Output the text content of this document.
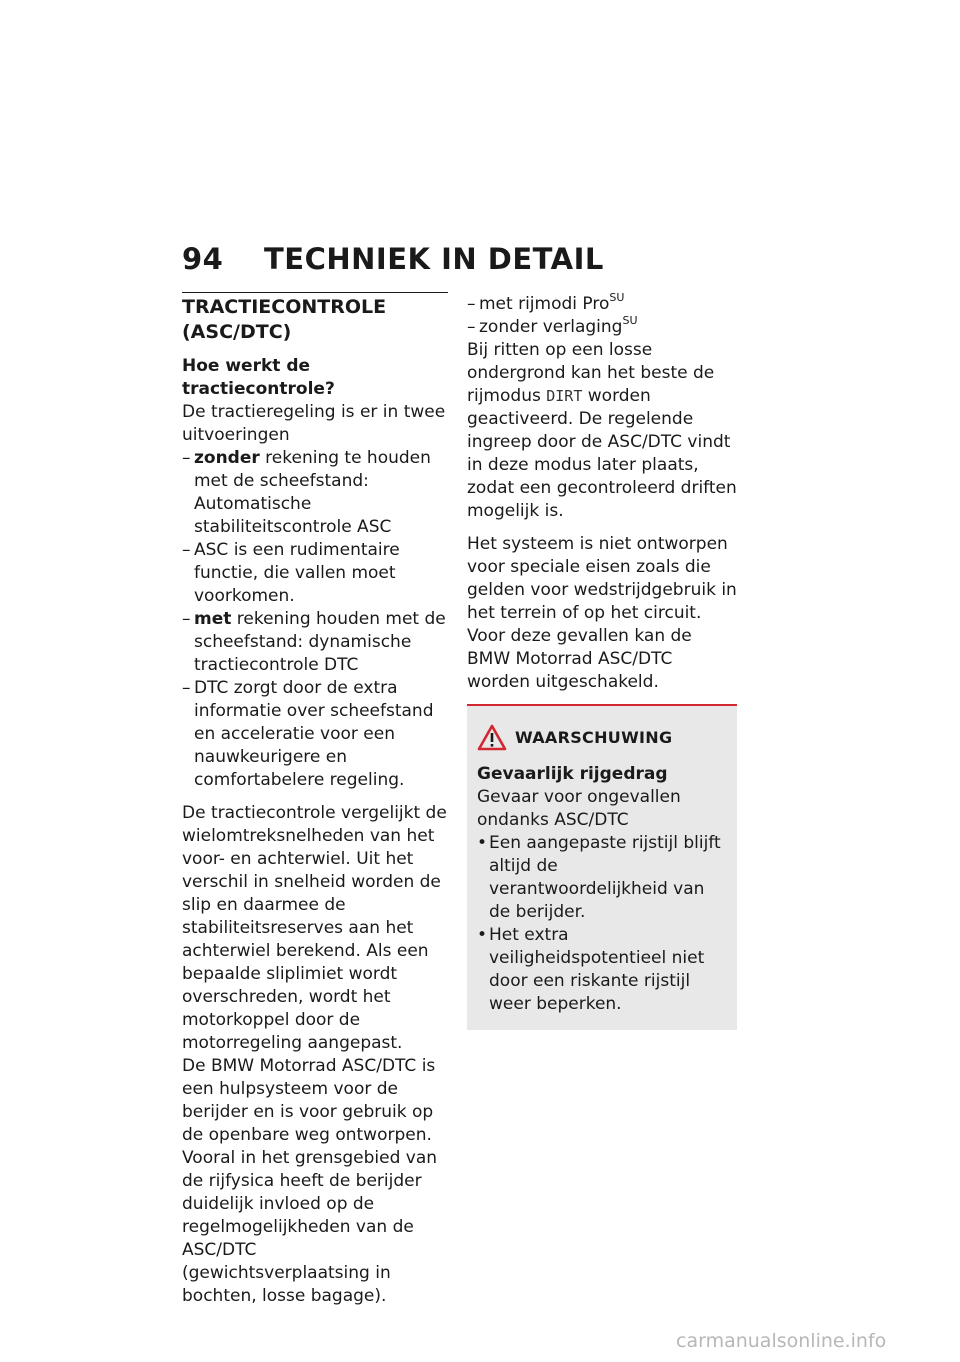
94 TECHNIEK IN DETAIL
TRACTIECONTROLE (ASC/DTC)

Hoe werkt de tractiecontrole?

De tractieregeling is er in twee uitvoeringen

– zonder rekening te houden met de scheefstand: Automatische stabiliteitscontrole ASC
– ASC is een rudimentaire functie, die vallen moet voorkomen.
– met rekening houden met de scheefstand: dynamische tractiecontrole DTC
– DTC zorgt door de extra informatie over scheefstand en acceleratie voor een nauwkeurigere en comfortabelere regeling.

De tractiecontrole vergelijkt de wielomtreksnelheden van het voor- en achterwiel. Uit het verschil in snelheid worden de slip en daarmee de stabiliteitsreserves aan het achterwiel berekend. Als een bepaalde sliplimiet wordt overschreden, wordt het motorkoppel door de motorregeling aangepast.

De BMW Motorrad ASC/DTC is een hulpsysteem voor de berijder en is voor gebruik op de openbare weg ontworpen. Vooral in het grensgebied van de rijfysica heeft de berijder duidelijk invloed op de regelmogelijkheden van de ASC/DTC (gewichtsverplaatsing in bochten, losse bagage).

– met rijmodi Pro$^{SU}$
– zonder verlaging$^{SU}$

Bij ritten op een losse ondergrond kan het beste de rijmodus DIRT worden geactiveerd. De regelende ingreep door de ASC/DTC vindt in deze modus later plaats, zodat een gecontroleerd driften mogelijk is.

Het systeem is niet ontworpen voor speciale eisen zoals die gelden voor wedstrijdgebruik in het terrein of op het circuit. Voor deze gevallen kan de BMW Motorrad ASC/DTC worden uitgeschakeld.

WAARSCHUWING

Gevaarlijk rijgedrag

Gevaar voor ongevallen ondanks ASC/DTC

• Een aangepaste rijstijl blijft altijd de verantwoordelijkheid van de berijder.
• Het extra veiligheidspotentieel niet door een riskante rijstijl weer beperken.
carmanualsonline.info
